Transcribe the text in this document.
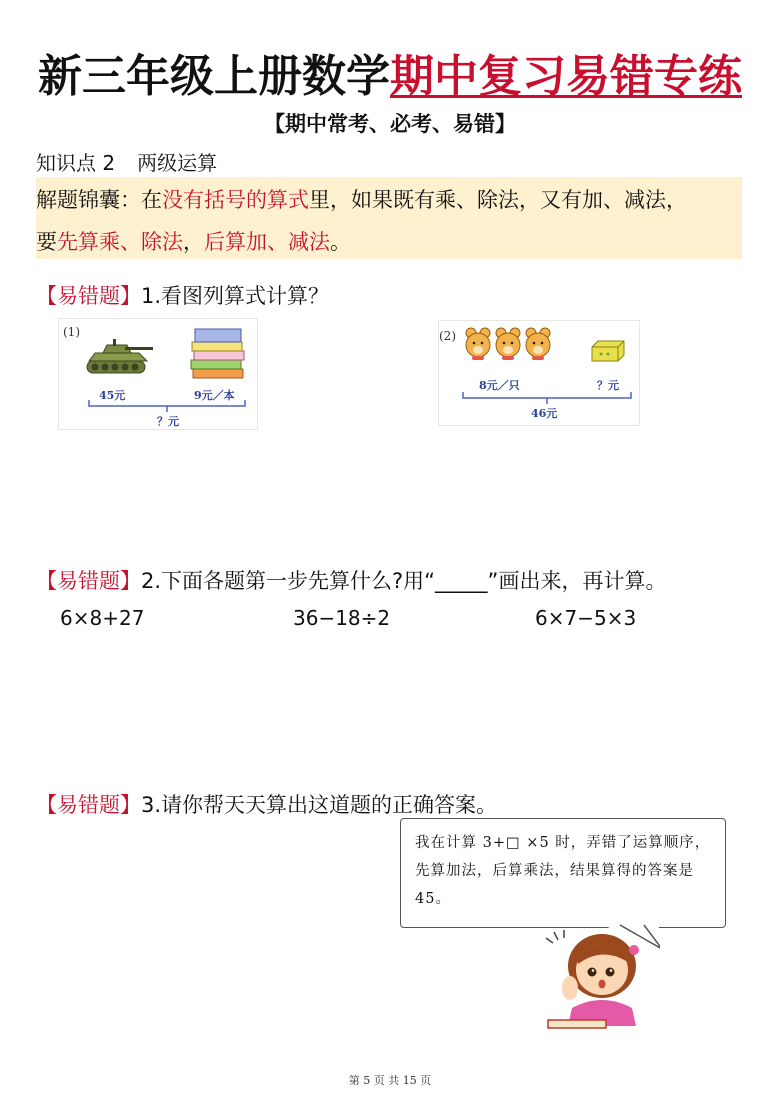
新三年级上册数学期中复习易错专练
【期中常考、必考、易错】
知识点 2 两级运算
解题锦囊：在没有括号的算式里，如果既有乘、除法，又有加、减法，
要先算乘、除法，后算加、减法。
【易错题】1.看图列算式计算？
(1)
45元	9元／本
？元
(2)
8元／只	？元
46元
【易错题】2.下面各题第一步先算什么?用“_____”画出来，再计算。
6×8+27	36−18÷2	6×7−5×3
【易错题】3.请你帮天天算出这道题的正确答案。
我在计算 3+□ ×5 时，弄错了运算顺序，先算加法，后算乘法，结果算得的答案是 45。
第 5 页 共 15 页
